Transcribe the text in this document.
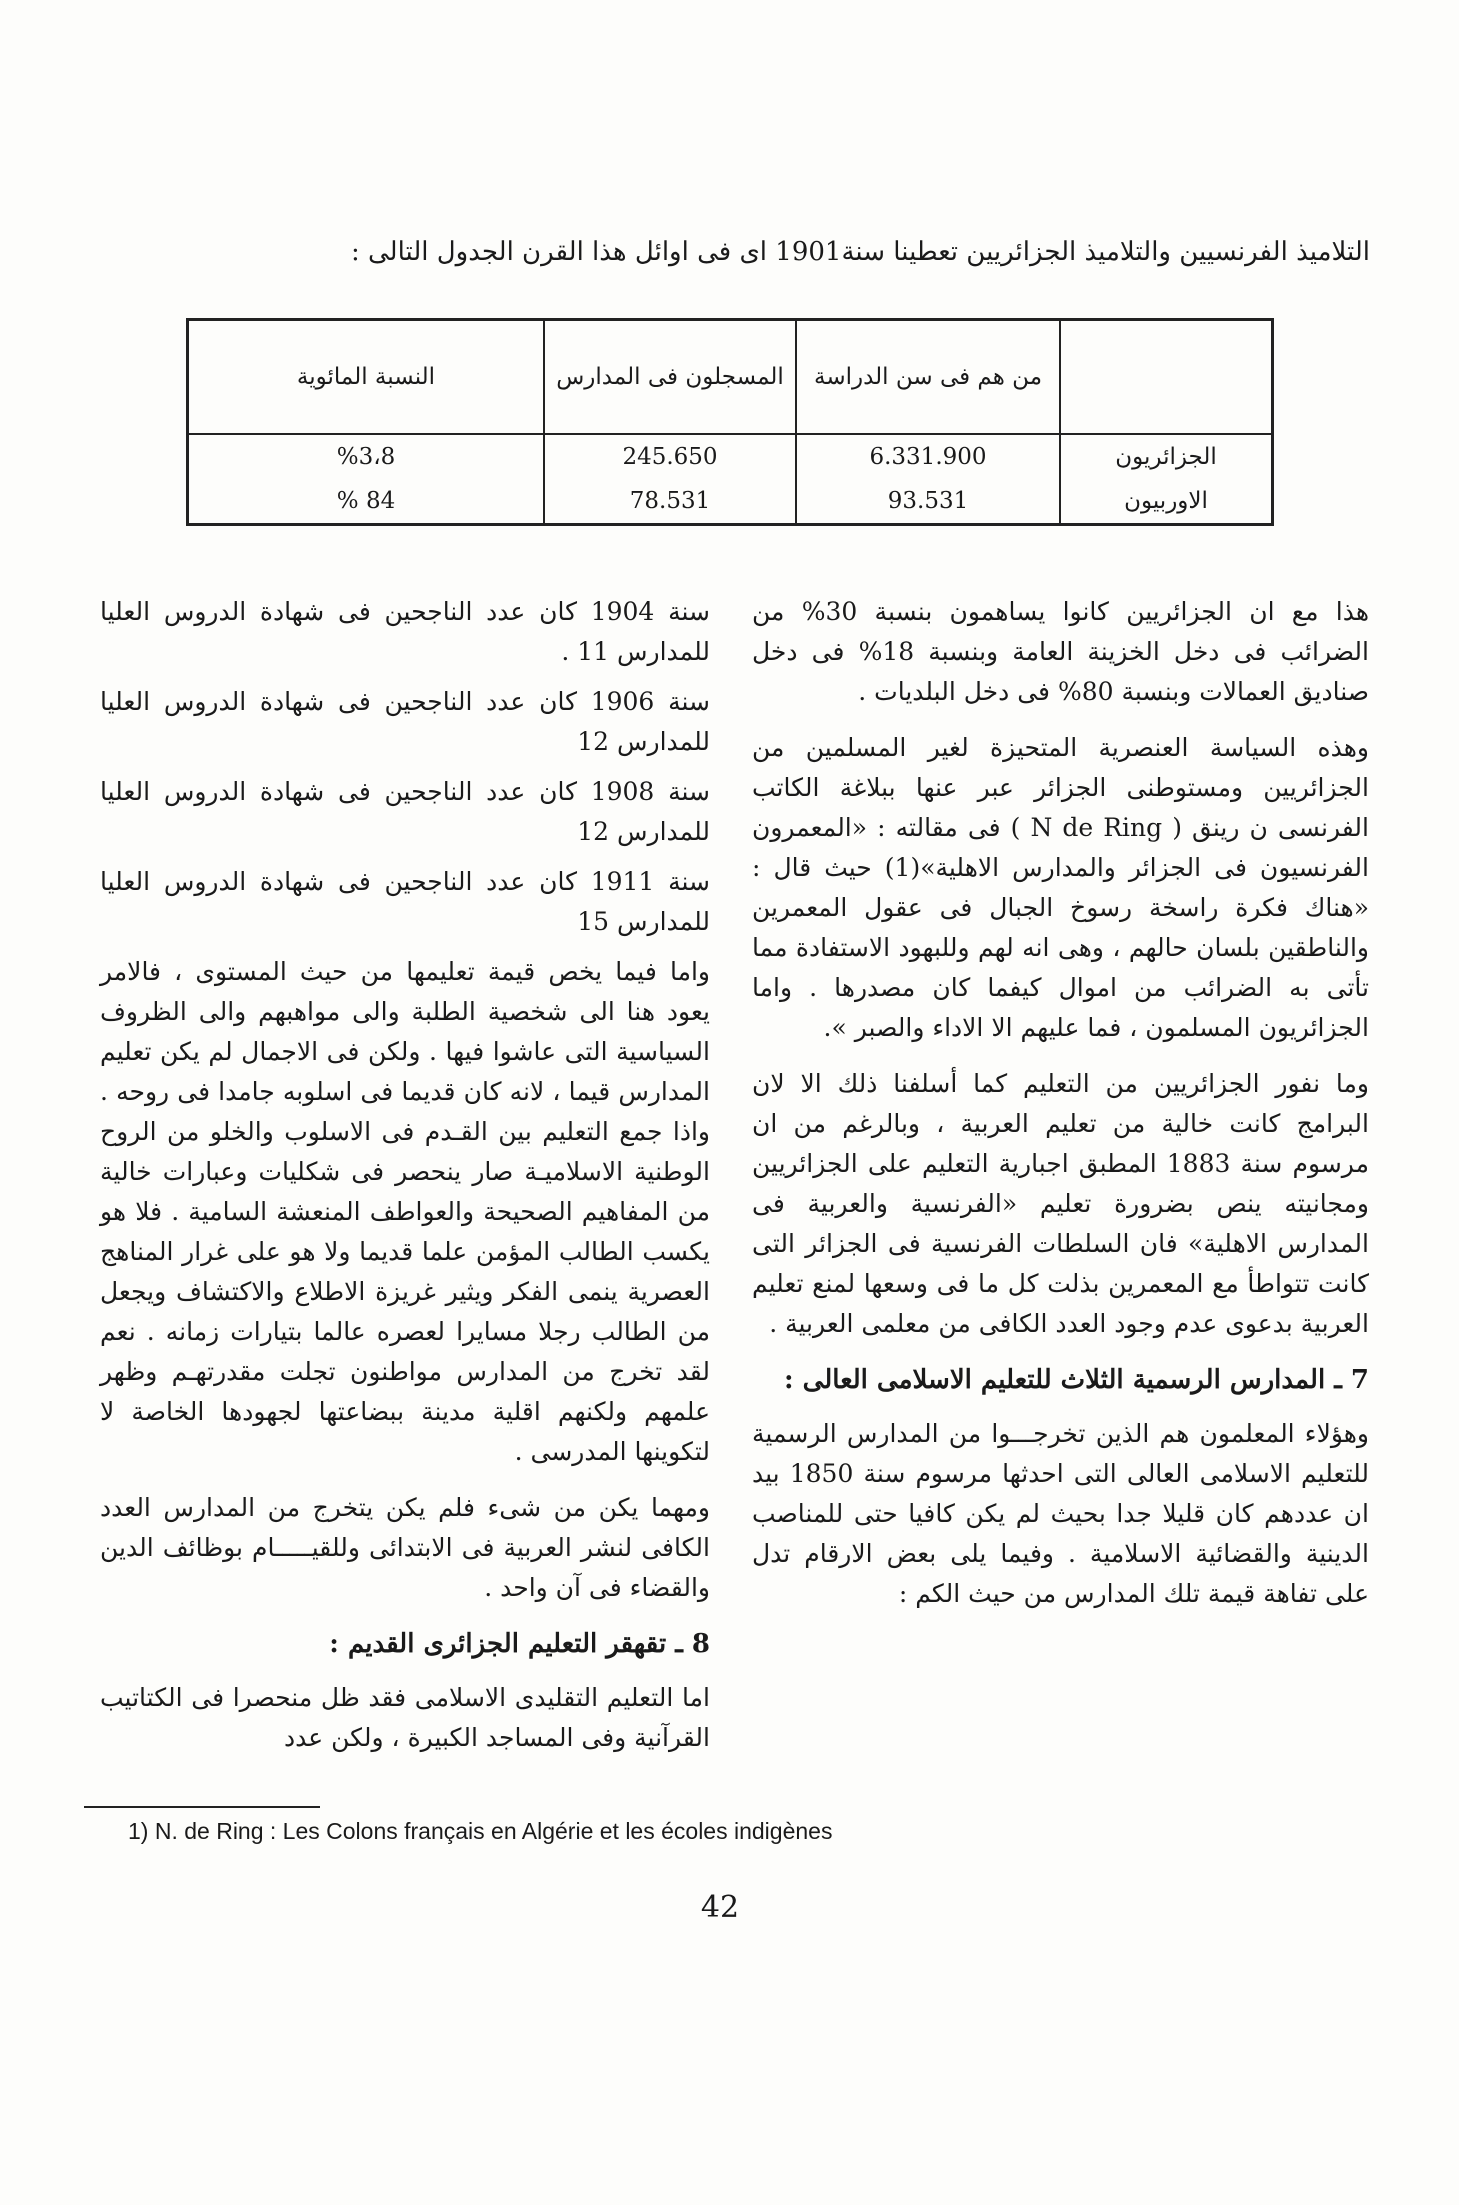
التلاميذ الفرنسيين والتلاميذ الجزائريين تعطينا سنة1901 اى فى اوائل هذا القرن الجدول التالى :
	من هم فى سن الدراسة	المسجلون فى المدارس	النسبة المائوية
الجزائريون	6.331.900	245.650	%3،8
الاوربيون	93.531	78.531	% 84

هذا مع ان الجزائريين كانوا يساهمون بنسبة 30% من الضرائب فى دخل الخزينة العامة وبنسبة 18% فى دخل صناديق العمالات وبنسبة 80% فى دخل البلديات .

وهذه السياسة العنصرية المتحيزة لغير المسلمين من الجزائريين ومستوطنى الجزائر عبر عنها ببلاغة الكاتب الفرنسى ن رينق ( N de Ring ) فى مقالته : «المعمرون الفرنسيون فى الجزائر والمدارس الاهلية»(1) حيث قال : «هناك فكرة راسخة رسوخ الجبال فى عقول المعمرين والناطقين بلسان حالهم ، وهى انه لهم وللبهود الاستفادة مما تأتى به الضرائب من اموال كيفما كان مصدرها . واما الجزائريون المسلمون ، فما عليهم الا الاداء والصبر ».

وما نفور الجزائريين من التعليم كما أسلفنا ذلك الا لان البرامج كانت خالية من تعليم العربية ، وبالرغم من ان مرسوم سنة 1883 المطبق اجبارية التعليم على الجزائريين ومجانيته ينص بضرورة تعليم «الفرنسية والعربية فى المدارس الاهلية» فان السلطات الفرنسية فى الجزائر التى كانت تتواطأ مع المعمرين بذلت كل ما فى وسعها لمنع تعليم العربية بدعوى عدم وجود العدد الكافى من معلمى العربية .

7 ـ المدارس الرسمية الثلاث للتعليم الاسلامى العالى :

وهؤلاء المعلمون هم الذين تخرجـــوا من المدارس الرسمية للتعليم الاسلامى العالى التى احدثها مرسوم سنة 1850 بيد ان عددهم كان قليلا جدا بحيث لم يكن كافيا حتى للمناصب الدينية والقضائية الاسلامية . وفيما يلى بعض الارقام تدل على تفاهة قيمة تلك المدارس من حيث الكم :

سنة 1904 كان عدد الناجحين فى شهادة الدروس العليا للمدارس 11 .

سنة 1906 كان عدد الناجحين فى شهادة الدروس العليا للمدارس 12

سنة 1908 كان عدد الناجحين فى شهادة الدروس العليا للمدارس 12

سنة 1911 كان عدد الناجحين فى شهادة الدروس العليا للمدارس 15

واما فيما يخص قيمة تعليمها من حيث المستوى ، فالامر يعود هنا الى شخصية الطلبة والى مواهبهم والى الظروف السياسية التى عاشوا فيها . ولكن فى الاجمال لم يكن تعليم المدارس قيما ، لانه كان قديما فى اسلوبه جامدا فى روحه . واذا جمع التعليم بين القـدم فى الاسلوب والخلو من الروح الوطنية الاسلاميـة صار ينحصر فى شكليات وعبارات خالية من المفاهيم الصحيحة والعواطف المنعشة السامية . فلا هو يكسب الطالب المؤمن علما قديما ولا هو على غرار المناهج العصرية ينمى الفكر ويثير غريزة الاطلاع والاكتشاف ويجعل من الطالب رجلا مسايرا لعصره عالما بتيارات زمانه . نعم لقد تخرج من المدارس مواطنون تجلت مقدرتهـم وظهر علمهم ولكنهم اقلية مدينة ببضاعتها لجهودها الخاصة لا لتكوينها المدرسى .

ومهما يكن من شىء فلم يكن يتخرج من المدارس العدد الكافى لنشر العربية فى الابتدائى وللقيـــــام بوظائف الدين والقضاء فى آن واحد .

8 ـ تقهقر التعليم الجزائرى القديم :

اما التعليم التقليدى الاسلامى فقد ظل منحصرا فى الكتاتيب القرآنية وفى المساجد الكبيرة ، ولكن عدد

1) N. de Ring : Les Colons français en Algérie et les écoles indigènes
42
